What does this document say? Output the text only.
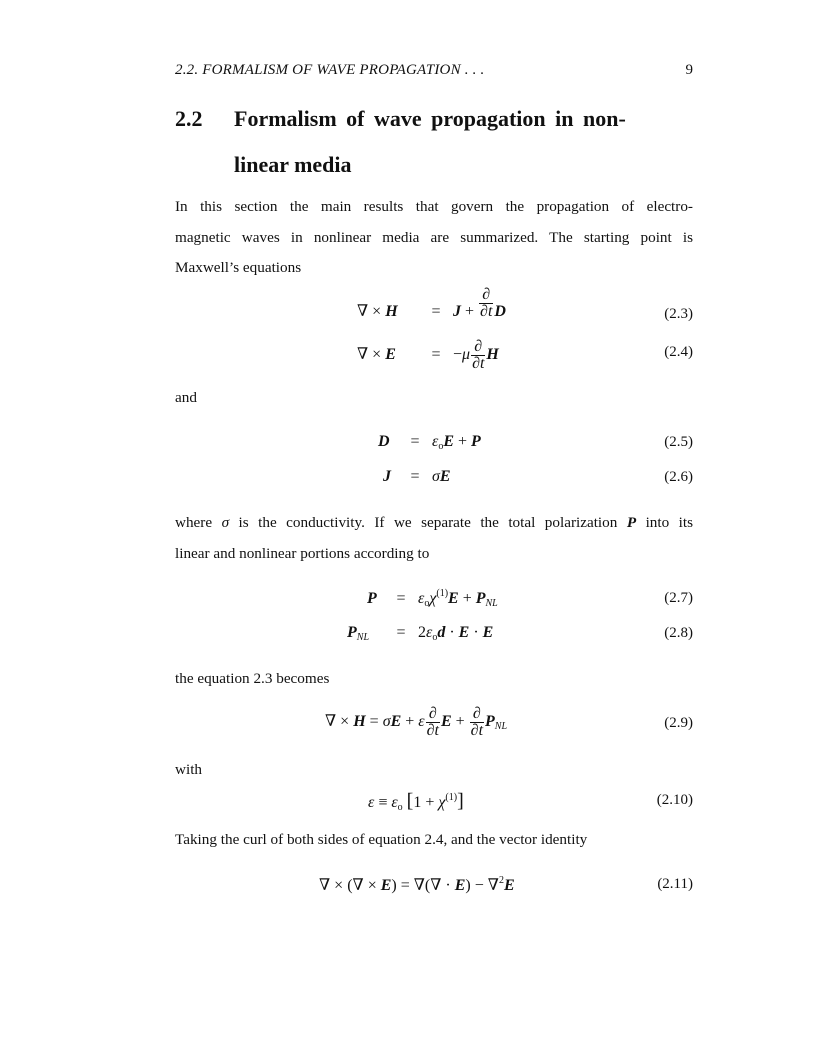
2.2. FORMALISM OF WAVE PROPAGATION . . .	9
2.2 Formalism of wave propagation in non-
linear media
In this section the main results that govern the propagation of electro-
magnetic waves in nonlinear media are summarized. The starting point is
Maxwell’s equations
∇ × $H = J + \frac{\partial}{\partial t}$ D	(2.3)
∇ × $E = -\mu \frac{\partial}{\partial t}$ H	(2.4)
and
$D = \varepsilon_oE + P$	(2.5)
J = σE	(2.6)
where σ is the conductivity. If we separate the total polarization P into its
linear and nonlinear portions according to
$P = \varepsilon_o\chi^{(1)}E + P_{NL}$	(2.7)
$P_{NL} = 2\varepsilon_od \cdot E \cdot E$	(2.8)
the equation 2.3 becomes
∇ × H = σE + ε $\frac{\partial}{\partial t}$ $E + \frac{\partial}{\partial t} P_{NL}$	(2.9)
with
$\varepsilon \equiv \varepsilon_o$ $[1 + \chi^{(1)}]$	(2.10)
Taking the curl of both sides of equation 2.4, and the vector identity
∇ × (∇ × E) = ∇(∇ · E) − ∇$^2$E	(2.11)
